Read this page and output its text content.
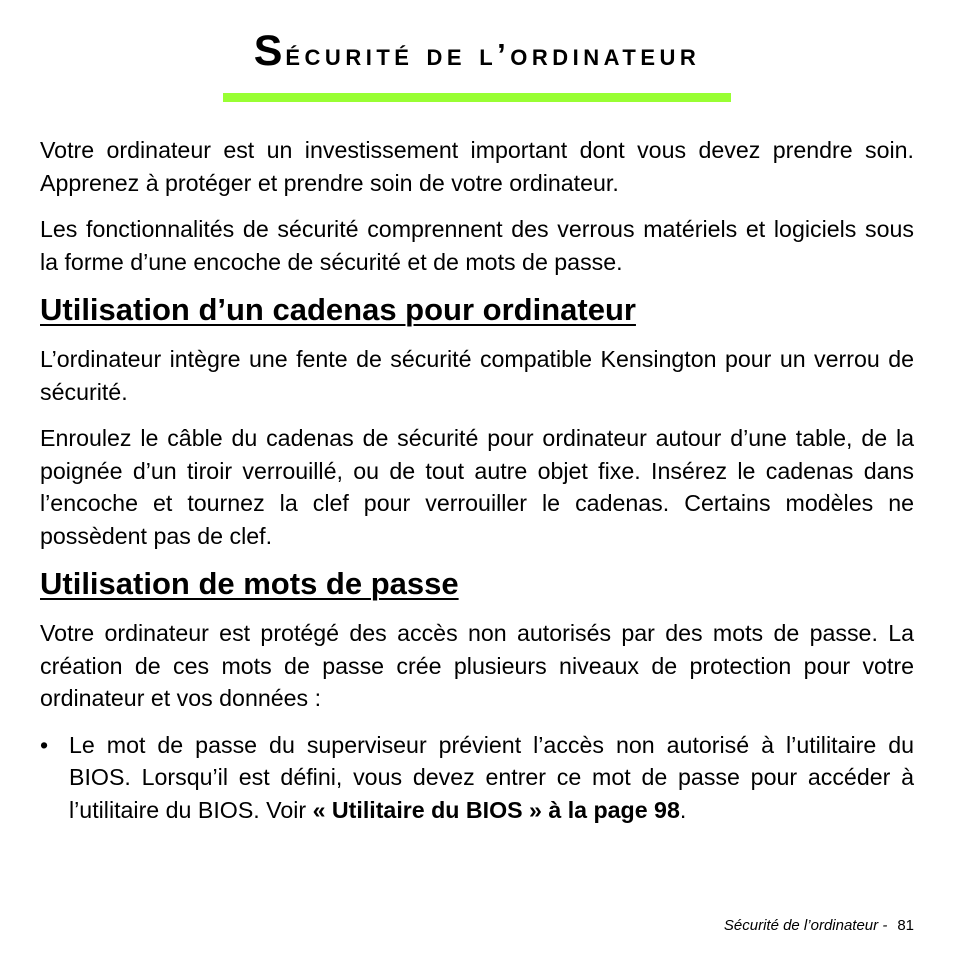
Sécurité de l’ordinateur

Votre ordinateur est un investissement important dont vous devez prendre soin. Apprenez à protéger et prendre soin de votre ordinateur.

Les fonctionnalités de sécurité comprennent des verrous matériels et logiciels sous la forme d’une encoche de sécurité et de mots de passe.

Utilisation d’un cadenas pour ordinateur

L’ordinateur intègre une fente de sécurité compatible Kensington pour un verrou de sécurité.

Enroulez le câble du cadenas de sécurité pour ordinateur autour d’une table, de la poignée d’un tiroir verrouillé, ou de tout autre objet fixe. Insérez le cadenas dans l’encoche et tournez la clef pour verrouiller le cadenas. Certains modèles ne possèdent pas de clef.

Utilisation de mots de passe

Votre ordinateur est protégé des accès non autorisés par des mots de passe. La création de ces mots de passe crée plusieurs niveaux de protection pour votre ordinateur et vos données :

• Le mot de passe du superviseur prévient l’accès non autorisé à l’utilitaire du BIOS. Lorsqu’il est défini, vous devez entrer ce mot de passe pour accéder à l’utilitaire du BIOS. Voir « Utilitaire du BIOS » à la page 98.

Sécurité de l’ordinateur - 81
